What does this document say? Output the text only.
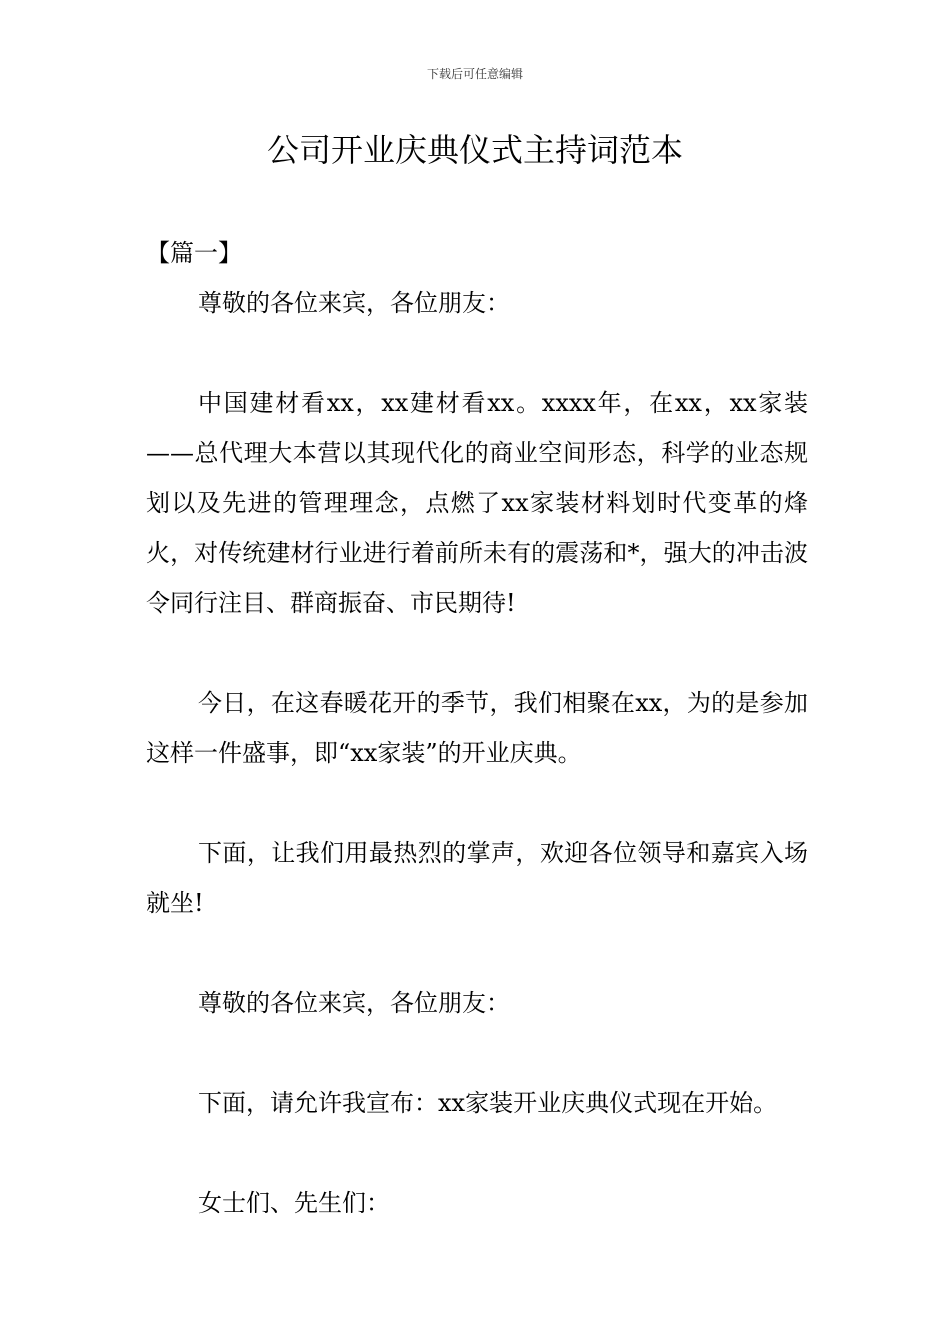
下载后可任意编辑
公司开业庆典仪式主持词范本

【篇一】

尊敬的各位来宾，各位朋友：

中国建材看xx，xx建材看xx。xxxx年，在xx，xx家装——总代理大本营以其现代化的商业空间形态，科学的业态规划以及先进的管理理念，点燃了xx家装材料划时代变革的烽火，对传统建材行业进行着前所未有的震荡和*，强大的冲击波令同行注目、群商振奋、市民期待!

今日，在这春暖花开的季节，我们相聚在xx，为的是参加这样一件盛事，即“xx家装”的开业庆典。

下面，让我们用最热烈的掌声，欢迎各位领导和嘉宾入场就坐!

尊敬的各位来宾，各位朋友：

下面，请允许我宣布：xx家装开业庆典仪式现在开始。

女士们、先生们：
